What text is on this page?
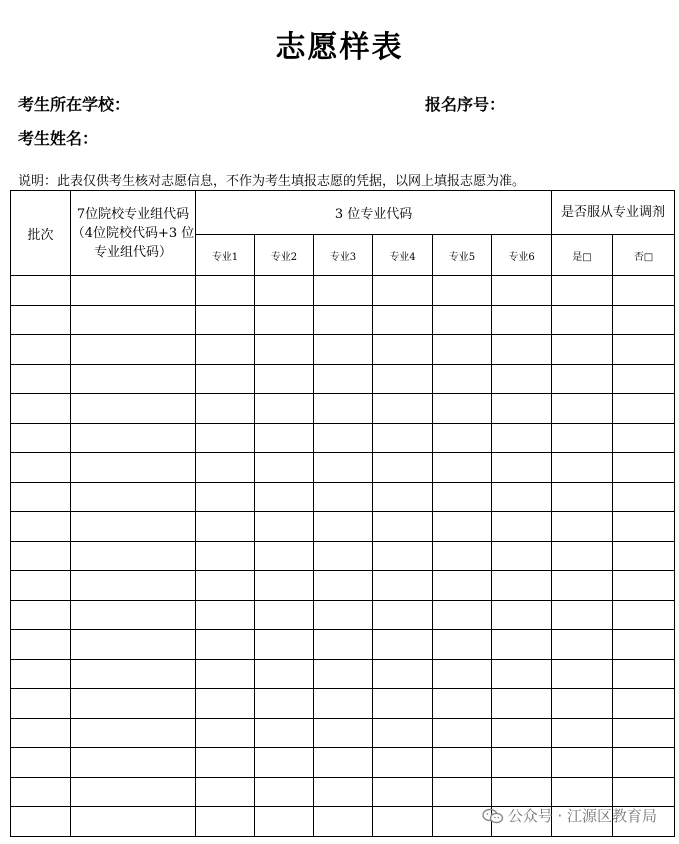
志愿样表
考生所在学校：	报名序号：
考生姓名：
说明：此表仅供考生核对志愿信息，不作为考生填报志愿的凭据，以网上填报志愿为准。
批次	7位院校专业组代码（4位院校代码+3 位专业组代码）	3 位专业代码						是否服从专业调剂	
		专业1	专业2	专业3	专业4	专业5	专业6	是□	否□

公众号 · 江源区教育局
